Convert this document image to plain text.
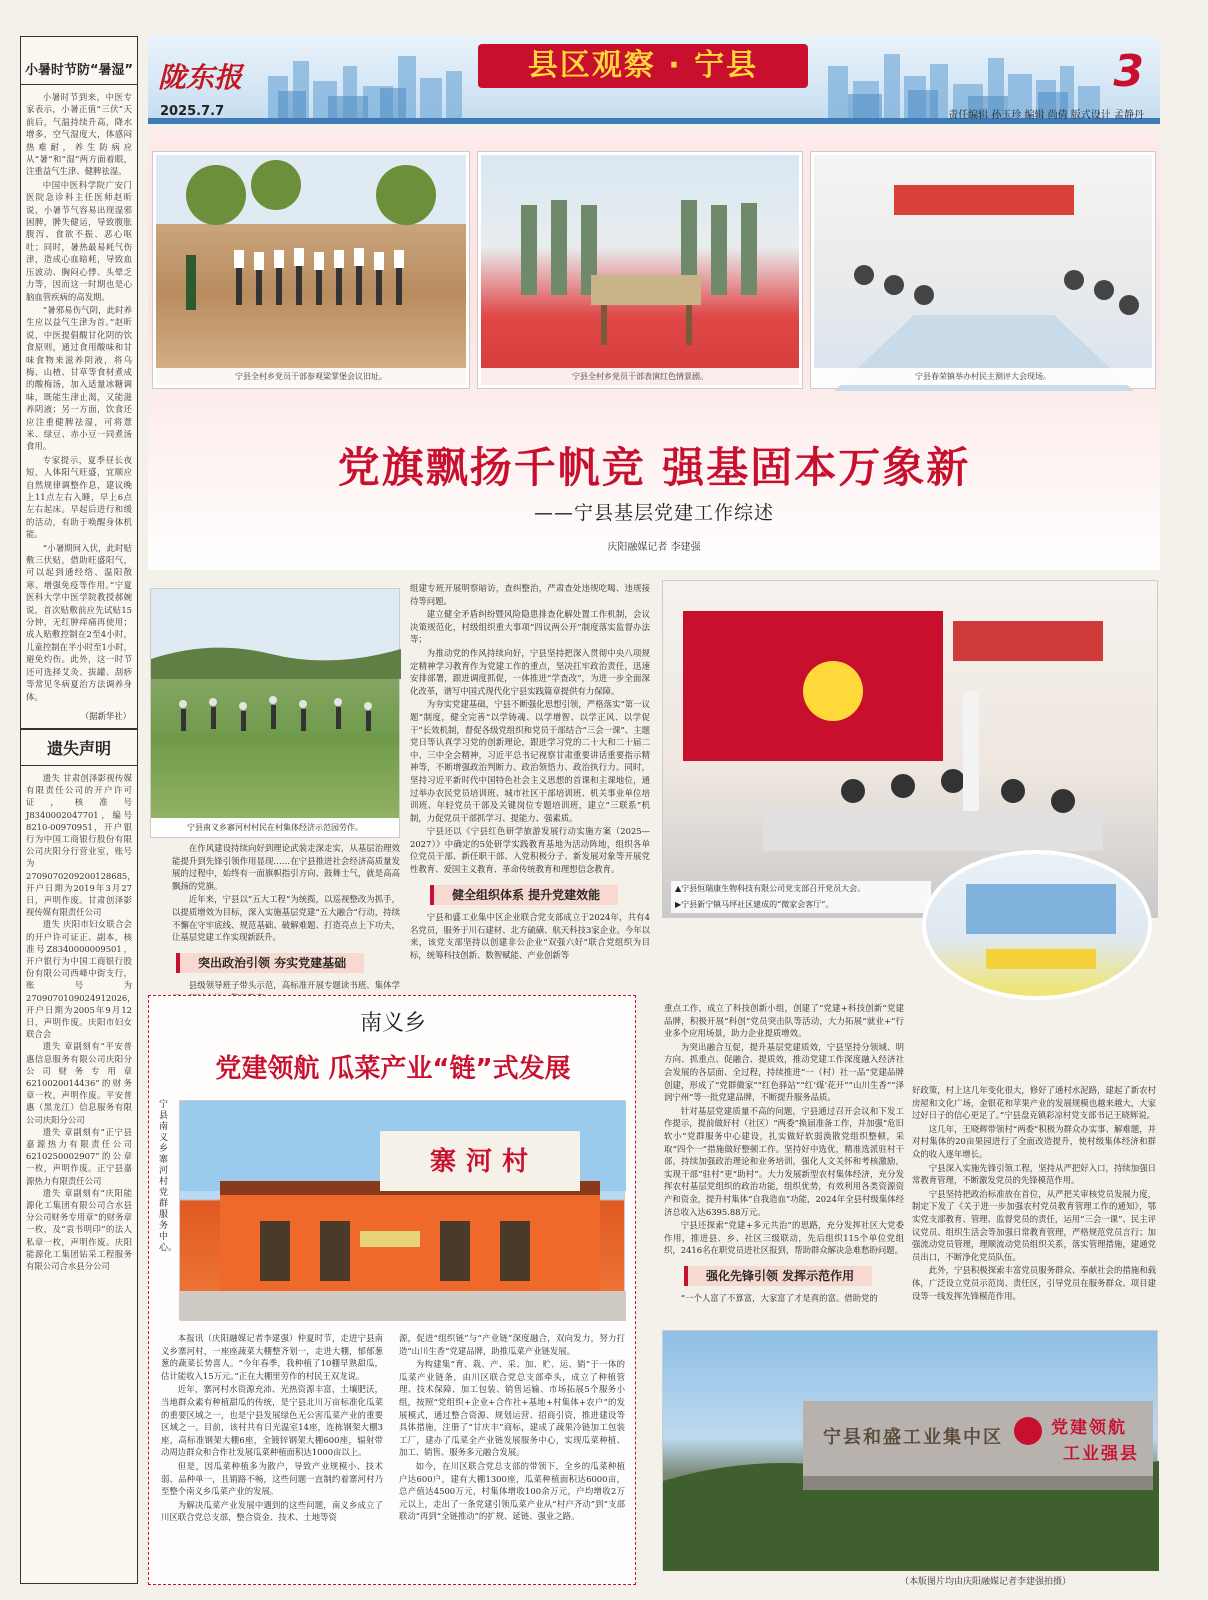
小暑时节防“暑湿”

小暑时节到来，中医专家表示，小暑正值“三伏”天前后，气温持续升高，降水增多，空气湿度大，体感闷热难耐，养生防病应从“暑”和“湿”两方面着眼，注重益气生津、健脾祛湿。

中国中医科学院广安门医院急诊科主任医师赵昕说，小暑节气容易出现湿邪困脾，脾失健运，导致腹胀腹泻、食欲不振、恶心呕吐；同时，暑热最易耗气伤津，造成心血暗耗，导致血压波动、胸闷心悸、头晕乏力等，因而这一时期也是心脑血管疾病的高发期。

“暑邪易伤气阴，此时养生应以益气生津为首。”赵昕说，中医提倡酸甘化阴的饮食原则，通过食用酸味和甘味食物来滋养阴液，将乌梅、山楂、甘草等食材煮成的酸梅汤，加入适量冰糖调味，既能生津止渴，又能滋养阴液；另一方面，饮食还应注重健脾祛湿，可将薏米、绿豆、赤小豆一同煮汤食用。

专家提示，夏季昼长夜短，人体阳气旺盛，宜顺应自然规律调整作息，建议晚上11点左右入睡，早上6点左右起床。早起后进行和缓的活动，有助于唤醒身体机能。

“小暑期间入伏，此时贴敷三伏贴，借助旺盛阳气，可以起到通经络、温阳散寒、增强免疫等作用。”宁夏医科大学中医学院教授郝婉说，首次贴敷前应先试贴15分钟，无红肿痒痛再使用；成人贴敷控制在2至4小时，儿童控制在半小时至1小时，避免灼伤。此外，这一时节还可选择艾灸、拔罐、刮痧等常见冬病夏治方法调养身体。

（据新华社）
遗失声明

遗失 甘肃创泽影视传媒有限责任公司的开户许可证，核准号J8340002047701，编号8210-00970951，开户银行为中国工商银行股份有限公司庆阳分行营业室，账号为2709070209200128685，开户日期为2019年3月27日，声明作废。甘肃创泽影视传媒有限责任公司

遗失 庆阳市妇女联合会的开户许可证正、副本，核准号Z8340000009501，开户银行为中国工商银行股份有限公司西峰中街支行，账号为2709070109024912026，开户日期为2005年9月12日，声明作废。庆阳市妇女联合会

遗失 章副刻有“平安普惠信息服务有限公司庆阳分公司财务专用章6210020014436”的财务章一枚，声明作废。平安普惠（黑龙江）信息服务有限公司庆阳分公司

遗失 章副刻有“正宁县嘉源热力有限责任公司6210250002907”的公章一枚，声明作废。正宁县嘉源热力有限责任公司

遗失 章副刻有“庆阳能源化工集团有限公司合水县分公司财务专用章”的财务章一枚，及“袁书明印”的法人私章一枚，声明作废。庆阳能源化工集团钻采工程服务有限公司合水县分公司

陇东报
2025.7.7
县区观察 · 宁县	3
责任编辑 孙玉珍 编辑 尚倩 版式设计 孟静丹
宁县全村乡党员干部参观梁掌堡会议旧址。	宁县全村乡党员干部表演红色情景剧。	宁县春荣镇举办村民主测评大会现场。
党旗飘扬千帆竞 强基固本万象新
——宁县基层党建工作综述
庆阳融媒记者 李建强
宁县南义乡寨河村村民在村集体经济示范园劳作。

在作风建设持续向好到理论武装走深走实，从基层治理效能提升到先锋引领作用显现……在宁县推进社会经济高质量发展的过程中，始终有一面旗帜指引方向、鼓舞士气，就是高高飘扬的党旗。

近年来，宁县以“五大工程”为统揽，以巡视整改为抓手，以提质增效为目标，深入实施基层党建“五大融合”行动，持续不懈在守牢底线、规范基础、破解难题、打造亮点上下功夫，让基层党建工作实现新跃升。

突出政治引领 夯实党建基础

县级领导班子带头示范，高标准开展专题读书班、集体学

组建专班开展明察暗访，查纠整治，严肃查处违规吃喝、违规接待等问题。

建立健全矛盾纠纷暨风险隐患排查化解处置工作机制，会议决策规范化，村级组织重大事项“四议两公开”制度落实监督办法等；

为推动党的作风持续向好，宁县坚持把深入贯彻中央八项规定精神学习教育作为党建工作的重点，坚决扛牢政治责任，迅速安排部署，跟进调度抓促，一体推进“学查改”，为进一步全面深化改革，谱写中国式现代化宁县实践篇章提供有力保障。

为夯实党建基础，宁县不断强化思想引领，严格落实“第一议题”制度，健全完善“以学铸魂、以学增智、以学正风、以学促干”长效机制，督促各级党组织和党员干部结合“三会一课”、主题党日等认真学习党的创新理论，跟进学习党的二十大和二十届二中、三中全会精神，习近平总书记视察甘肃重要讲话重要指示精神等，不断增强政治判断力、政治领悟力、政治执行力。同时，坚持习近平新时代中国特色社会主义思想的首课和主课地位，通过举办农民党员培训班、城市社区干部培训班、机关事业单位培训班、年轻党员干部及关键岗位专题培训班，建立“三联系”机制，力促党员干部抓学习、提能力、强素质。

宁县还以《宁县红色研学旅游发展行动实施方案（2025—2027）》中确定的5处研学实践教育基地为活动阵地，组织各单位党员干部、新任职干部、入党积极分子、新发展对象等开展党性教育、爱国主义教育、革命传统教育和理想信念教育。

健全组织体系 提升党建效能

宁县和盛工业集中区企业联合党支部成立于2024年，共有4名党员，服务于川石建材、北方硫磺、航天科技3家企业。今年以来，该党支部坚持以创建非公企业“双强六好”联合党组织为目标，统筹科技创新、数智赋能、产业创新等

▲宁县恒瑞康生物科技有限公司党支部召开党员大会。
▶宁县新宁镇马坪社区建成的“微家会客厅”。

重点工作，成立了科技创新小组，创建了“党建+科技创新”党建品牌，积极开展“科创”党员突击队等活动，大力拓展“就业+”行业多个应用场景，助力企业提质增效。

为突出融合互促，提升基层党建质效，宁县坚持分领域、明方向、抓重点、促融合、提质效，推动党建工作深度融入经济社会发展的各层面、全过程，持续推进“一（村）社一品”党建品牌创建，形成了“党群微家”“红色驿站”“红‘煤’花开”“山川生香”“泽润宁州”等一批党建品牌，不断提升服务品质。

针对基层党建质量不高的问题，宁县通过召开会议和下发工作提示，提前做好村（社区）“两委”换届准备工作，并加强“危旧软小”党群服务中心建设，扎实做好软弱涣散党组织整顿，采取“四个一”措施做好整顿工作。坚持好中选优，精准选派驻村干部，持续加强政治理论和业务培训，强化人文关怀和考核激励，实现干部“驻村”更“助村”。大力发展新型农村集体经济，充分发挥农村基层党组织的政治功能，组织优势，有效利用各类资源资产和资金，提升村集体“自我造血”功能，2024年全县村级集体经济总收入达6395.88万元。

宁县还探索“党建+多元共治”的思路，充分发挥社区大党委作用，推进县、乡、社区三级联动，先后组织115个单位党组织，2416名在职党员进社区报到，帮助群众解决急难愁盼问题。

强化先锋引领 发挥示范作用

“一个人富了不算富，大家富了才是真的富。借助党的

好政策，村上这几年变化很大，修好了通村水泥路，建起了新农村房屋和文化广场，金银花和苹果产业的发展规模也越来越大，大家过好日子的信心更足了。”宁县盘克镇彩凉村党支部书记王晓辉说。

这几年，王晓辉带领村“两委”积极为群众办实事、解难题，并对村集体的20亩果园进行了全面改造提升，使村级集体经济和群众的收入逐年增长。

宁县深入实施先锋引领工程，坚持从严把好入口，持续加强日常教育管理，不断激发党员的先锋模范作用。

宁县坚持把政治标准放在首位，从严把关审核党员发展力度，制定下发了《关于进一步加强农村党员教育管理工作的通知》，鄂实党支部教育、管理、监督党员的责任，运用“三会一课”、民主评议党员、组织生活会等加强日常教育管理，严格规范党员言行；加强流动党员管理，理顺流动党员组织关系，落实管理措施，建通党员出口，不断净化党员队伍。

此外，宁县积极探索丰富党员服务群众、奉献社会的措施和载体，广泛设立党员示范岗、责任区，引导党员在服务群众、项目建设等一线发挥先锋模范作用。

宁县和盛工业集中区	党建领航
工业强县
（本版图片均由庆阳融媒记者李建强拍摄）
南义乡
党建领航 瓜菜产业“链”式发展
宁县南义乡寨河村党群服务中心。
寨河村

本报讯（庆阳融媒记者李建强）仲夏时节，走进宁县南义乡寨河村，一座座蔬菜大棚整齐划一，走进大棚，郁郁葱葱的蔬菜长势喜人。“今年春季，我种植了10棚早熟甜瓜，估计能收入15万元。”正在大棚里劳作的村民王双龙说。

近年，寨河村水资源充沛、光热资源丰富，土壤肥沃，当地群众素有种植甜瓜的传统，是宁县北川万亩标准化瓜菜的重要区域之一，也是宁县发展绿色无公害瓜菜产业的重要区域之一。目前，该村共有日光温室14座，连栋钢架大棚3座，高标准钢架大棚6座，全镀锌钢架大棚600座，辐射带动周边群众和合作社发展瓜菜种植面积达1000亩以上。

但是，因瓜菜种植多为散户，导致产业规模小、技术弱、品种单一，且销路不畅，这些问题一直制约着寨河村乃至整个南义乡瓜菜产业的发展。

为解决瓜菜产业发展中遇到的这些问题，南义乡成立了川区联合党总支部，整合资金、技术、土地等资

源，促进“组织链”与“产业链”深度融合，双向发力，努力打造“山川生香”党建品牌，助推瓜菜产业链发展。

为构建集“育、栽、产、采、加、贮、运、销”于一体的瓜菜产业链条，由川区联合党总支部牵头，成立了种植管理、技术保障、加工包装、销售运输、市场拓展5个服务小组，按照“党组织+企业+合作社+基地+村集体+农户”的发展模式，通过整合资源、规划运营、招商引资，推进建设等具体措施，注册了“甘庆丰”商标，建成了蔬果冷链加工包装工厂，建办了瓜菜全产业链发展服务中心，实现瓜菜种植、加工、销售、服务多元融合发展。

如今，在川区联合党总支部的带领下，全乡的瓜菜种植户达600户，建有大棚1300座，瓜菜种植面积达6000亩，总产值达4500万元，村集体增收100余万元，户均增收2万元以上，走出了一条党建引领瓜菜产业从“村户齐动”到“支部联动”再到“全链推动”的扩规、延链、强业之路。
